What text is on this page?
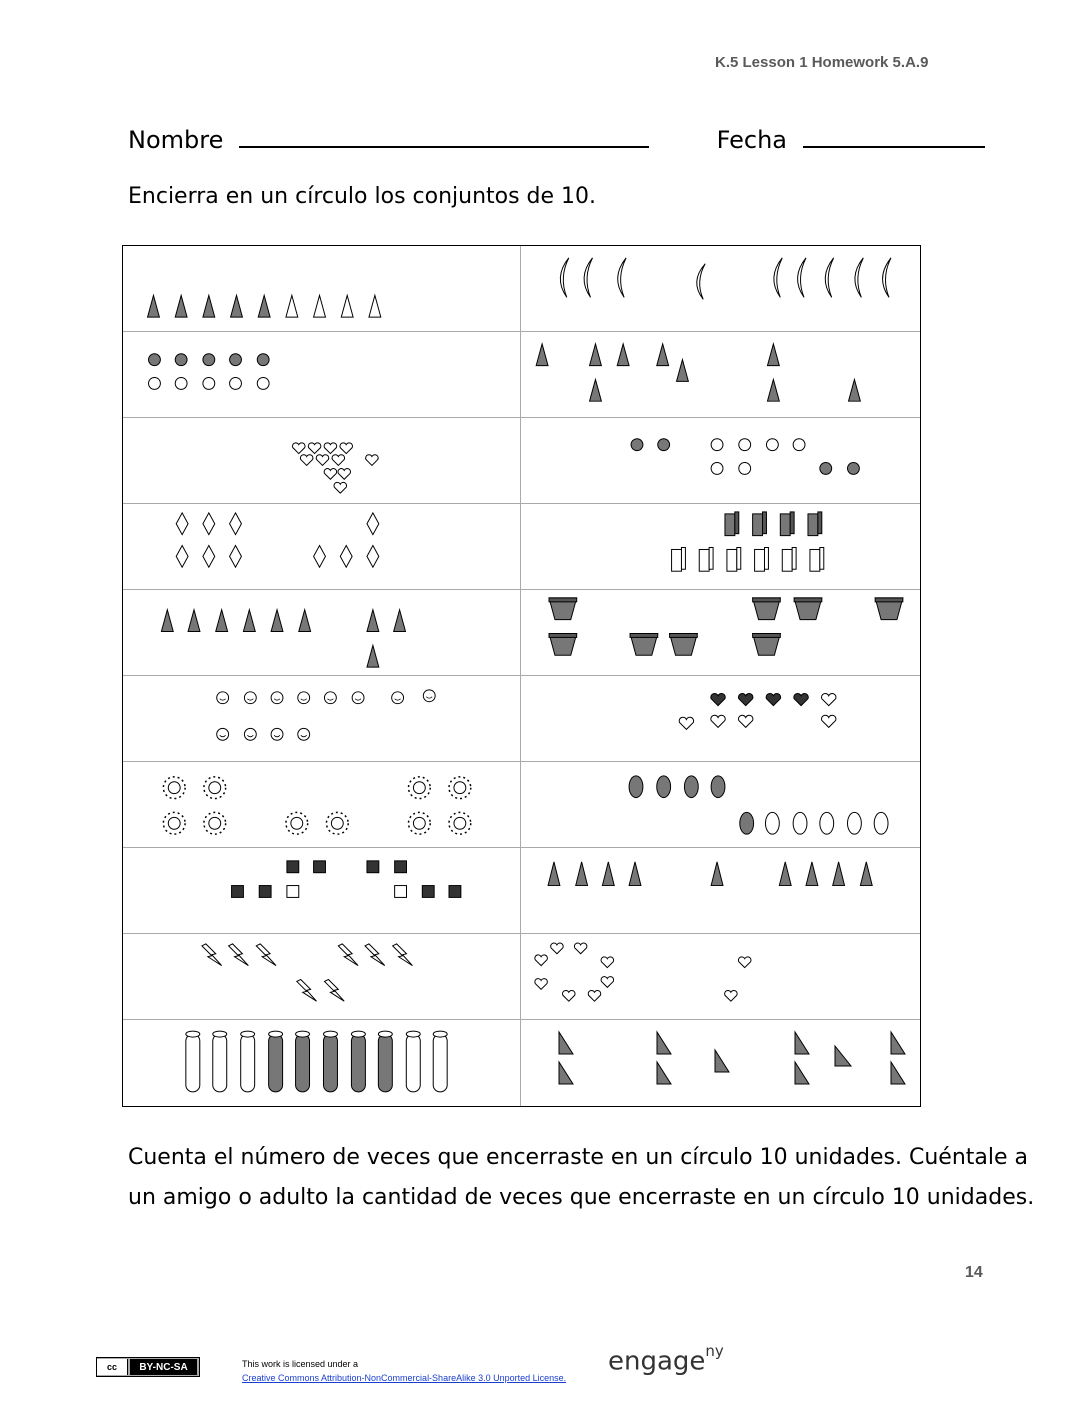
K.5 Lesson 1 Homework 5.A.9
Nombre	Fecha
Encierra en un círculo los conjuntos de 10.
Cuenta el número de veces que encerraste en un círculo 10 unidades. Cuéntale a un amigo o adulto la cantidad de veces que encerraste en un círculo 10 unidades.
14
cc	BY-NC-SA	This work is licensed under a
Creative Commons Attribution-NonCommercial-ShareAlike 3.0 Unported License.
engage$^{ny}$
